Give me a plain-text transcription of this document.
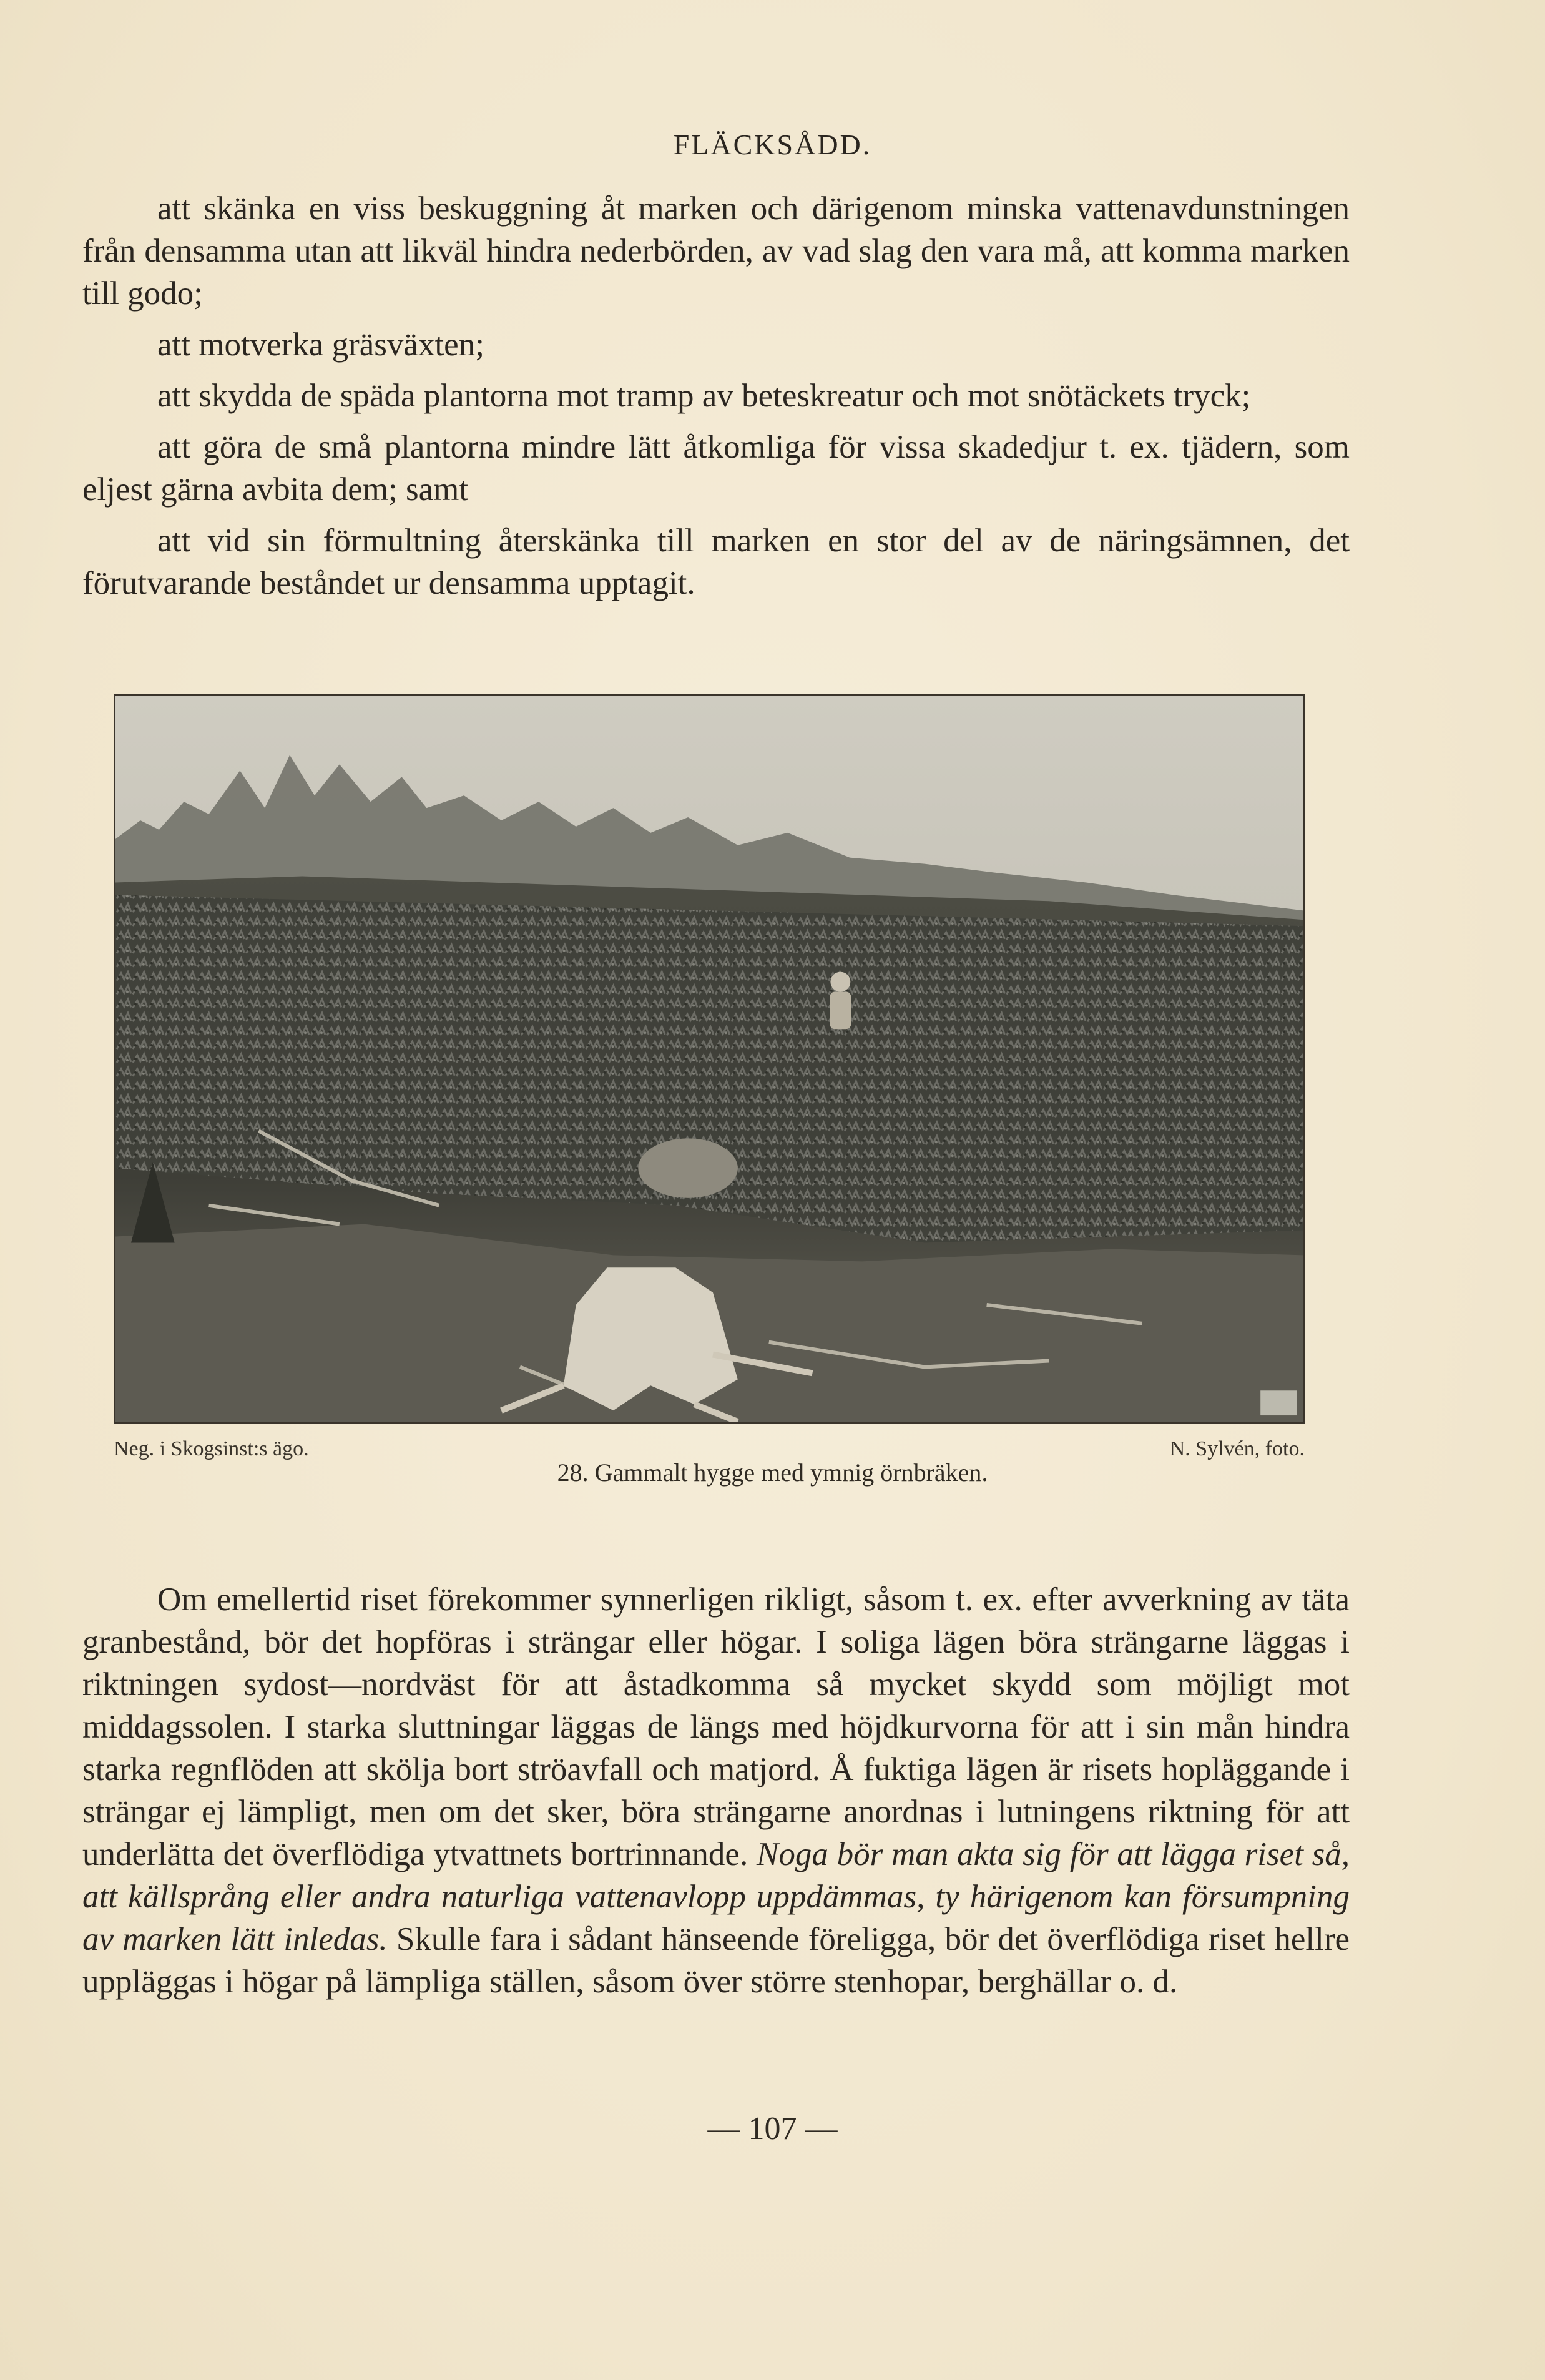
FLÄCKSÅDD.

att skänka en viss beskuggning åt marken och därigenom minska vattenavdunstningen från densamma utan att likväl hindra nederbörden, av vad slag den vara må, att komma marken till godo;

att motverka gräsväxten;

att skydda de späda plantorna mot tramp av beteskreatur och mot snötäckets tryck;

att göra de små plantorna mindre lätt åtkomliga för vissa skadedjur t. ex. tjädern, som eljest gärna avbita dem; samt

att vid sin förmultning återskänka till marken en stor del av de näringsämnen, det förutvarande beståndet ur densamma upptagit.

Neg. i Skogsinst:s ägo.	N. Sylvén, foto.
28. Gammalt hygge med ymnig örnbräken.

Om emellertid riset förekommer synnerligen rikligt, såsom t. ex. efter avverkning av täta granbestånd, bör det hopföras i strängar eller högar. I soliga lägen böra strängarne läggas i riktningen sydost—nordväst för att åstadkomma så mycket skydd som möjligt mot middagssolen. I starka sluttningar läggas de längs med höjdkurvorna för att i sin mån hindra starka regnflöden att skölja bort ströavfall och matjord. Å fuktiga lägen är risets hopläggande i strängar ej lämpligt, men om det sker, böra strängarne anordnas i lutningens riktning för att underlätta det överflödiga ytvattnets bortrinnande. Noga bör man akta sig för att lägga riset så, att källsprång eller andra naturliga vattenavlopp uppdämmas, ty härigenom kan försumpning av marken lätt inledas. Skulle fara i sådant hänseende föreligga, bör det överflödiga riset hellre uppläggas i högar på lämpliga ställen, såsom över större stenhopar, berghällar o. d.

— 107 —
